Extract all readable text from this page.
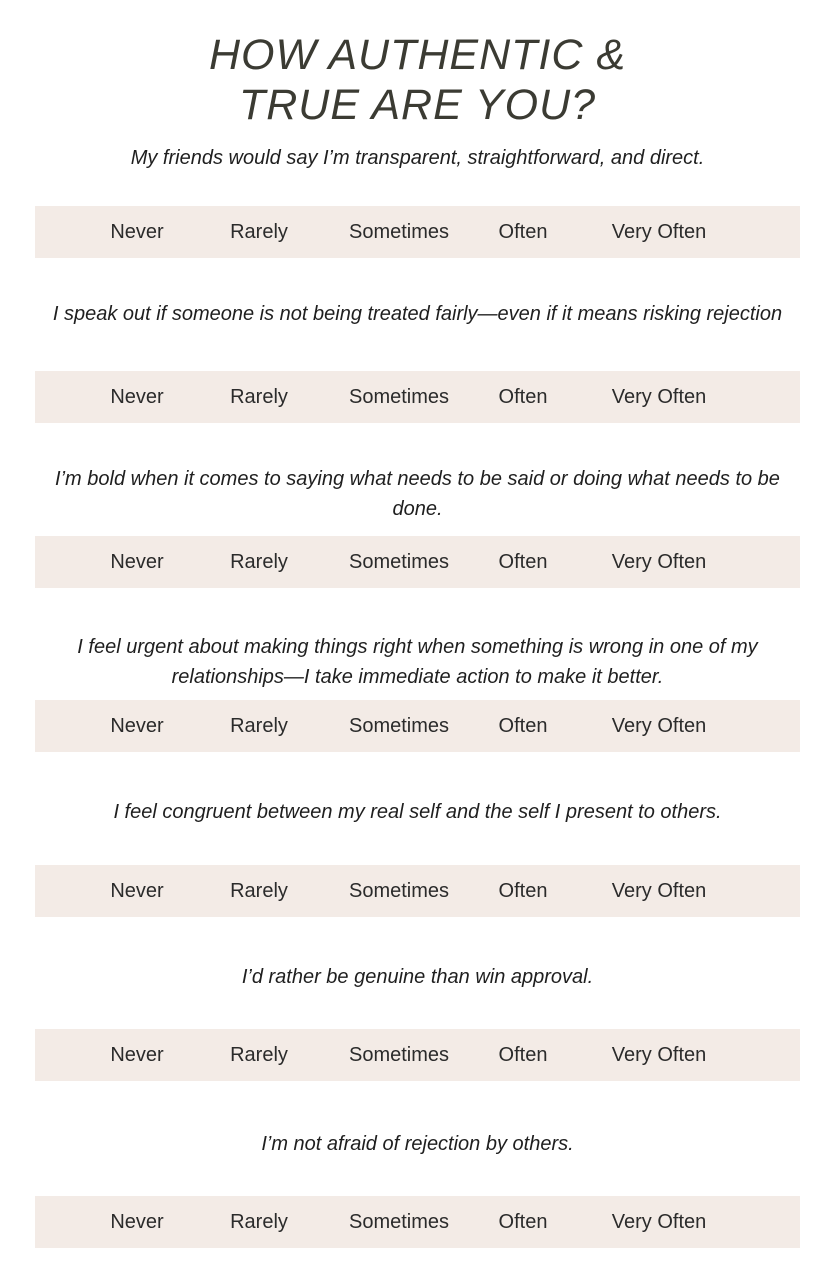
HOW AUTHENTIC &
TRUE ARE YOU?
My friends would say I’m transparent, straightforward, and direct.
Never	Rarely	Sometimes	Often	Very Often
I speak out if someone is not being treated fairly—even if it means risking rejection
Never	Rarely	Sometimes	Often	Very Often
I’m bold when it comes to saying what needs to be said or doing what needs to be done.
Never	Rarely	Sometimes	Often	Very Often
I feel urgent about making things right when something is wrong in one of my relationships—I take immediate action to make it better.
Never	Rarely	Sometimes	Often	Very Often
I feel congruent between my real self and the self I present to others.
Never	Rarely	Sometimes	Often	Very Often
I’d rather be genuine than win approval.
Never	Rarely	Sometimes	Often	Very Often
I’m not afraid of rejection by others.
Never	Rarely	Sometimes	Often	Very Often
